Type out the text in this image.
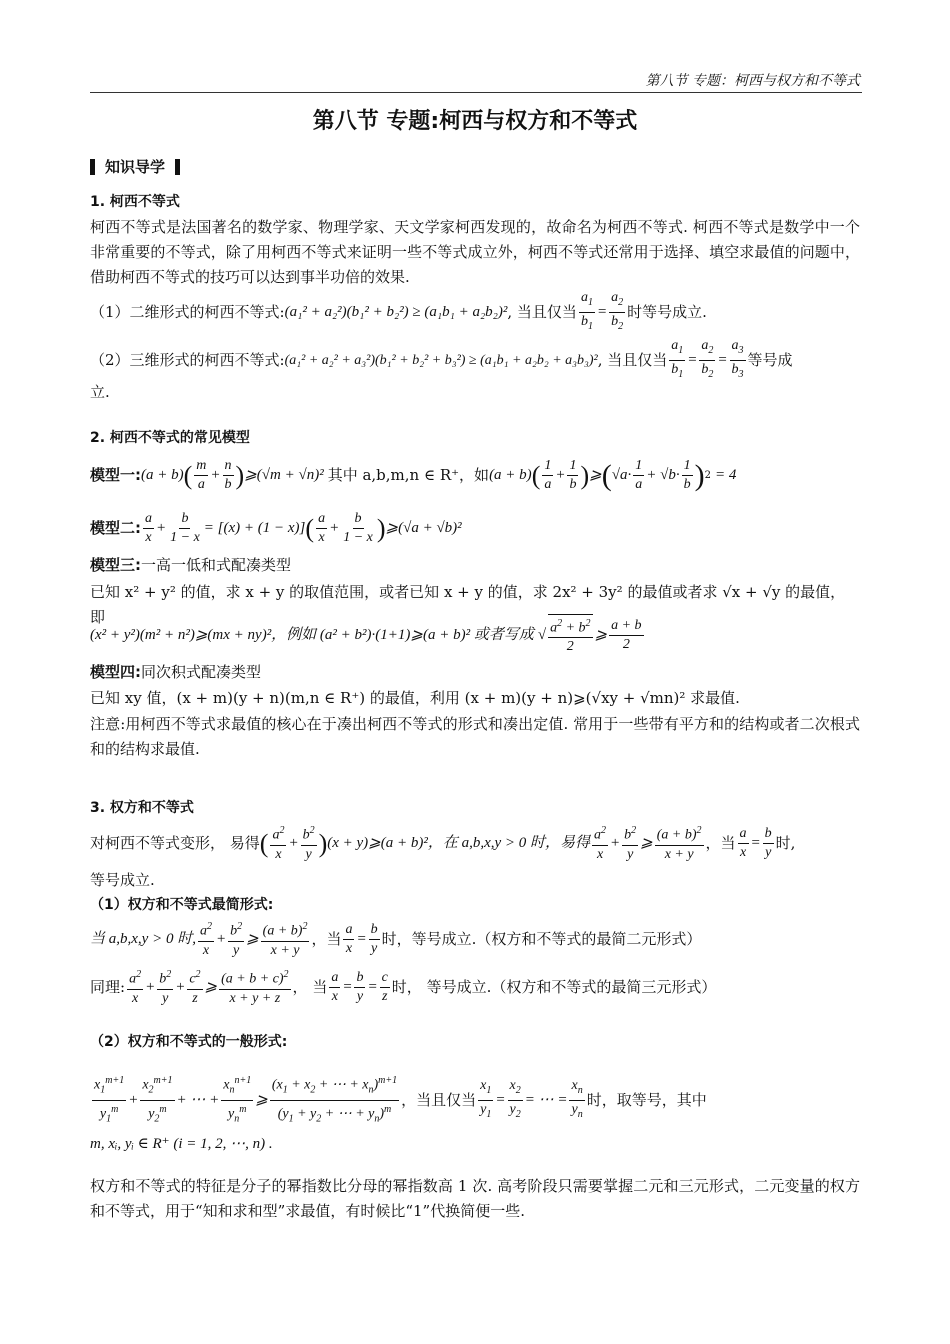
第八节 专题：柯西与权方和不等式
第八节 专题:柯西与权方和不等式
知识导学
1. 柯西不等式
柯西不等式是法国著名的数学家、物理学家、天文学家柯西发现的，故命名为柯西不等式. 柯西不等式是数学中一个非常重要的不等式，除了用柯西不等式来证明一些不等式成立外，柯西不等式还常用于选择、填空求最值的问题中，借助柯西不等式的技巧可以达到事半功倍的效果.
（1）二维形式的柯西不等式: (a₁² + a₂²)(b₁² + b₂²) ≥ (a₁b₁ + a₂b₂)² , 当且仅当 $\frac{a_1}{b_1} = \frac{a_2}{b_2}$ 时等号成立.
（2）三维形式的柯西不等式: (a₁² + a₂² + a₃²)(b₁² + b₂² + b₃²) ≥ (a₁b₁ + a₂b₂ + a₃b₃)² , 当且仅当 $\frac{a_1}{b_1} = \frac{a_2}{b_2} = \frac{a_3}{b_3}$ 等号成
立.
2. 柯西不等式的常见模型
模型一: (a + b) ( $\frac{m}{a} + \frac{n}{b}$ ) ⩾(√m + √n)² 其中 a,b,m,n ∈ R⁺，如 (a + b) ( $\frac{1}{a} + \frac{1}{b}$ ) ⩾ ( $√a\cdot \frac{1}{a} + √b\cdot \frac{1}{b}$ ) 2 = 4
模型二: $\frac{a}{x} + \frac{b}{1 - x} = [(x) + (1 - x)]$ ( $\frac{a}{x} + \frac{b}{1 - x}$ ) ⩾(√a + √b)²
模型三:一高一低和式配凑类型
已知 x² + y² 的值，求 x + y 的取值范围，或者已知 x + y 的值，求 2x² + 3y² 的最值或者求 √x + √y 的最值， 即
(x² + y²)(m² + n²)⩾(mx + ny)²，例如 (a² + b²)·(1+1)⩾(a + b)² 或者写成 √ $\frac{a^2 + b^2}{2}$ ⩾ $\frac{a + b}{2}$
模型四:同次积式配凑类型
已知 xy 值，(x + m)(y + n)(m,n ∈ R⁺) 的最值，利用 (x + m)(y + n)⩾(√xy + √mn)² 求最值.
注意:用柯西不等式求最值的核心在于凑出柯西不等式的形式和凑出定值. 常用于一些带有平方和的结构或者二次根式和的结构求最值.
3. 权方和不等式
对柯西不等式变形， 易得 ( $\frac{a^2}{x} + \frac{b^2}{y}$ ) (x + y)⩾(a + b)²，在 a,b,x,y > 0 时，易得 $\frac{a^2}{x} + \frac{b^2}{y}$ ⩾ $\frac{(a + b)^2}{x + y}$ ，当 $\frac{a}{x} = \frac{b}{y}$ 时,
等号成立.
（1）权方和不等式最简形式:
当 a,b,x,y > 0 时, $\frac{a^2}{x} + \frac{b^2}{y}$ ⩾ $\frac{(a + b)^2}{x + y}$ ，当 $\frac{a}{x} = \frac{b}{y}$ 时，等号成立.（权方和不等式的最简二元形式）
同理: $\frac{a^2}{x} + \frac{b^2}{y} + \frac{c^2}{z}$ ⩾ $\frac{(a + b + c)^2}{x + y + z}$ ， 当 $\frac{a}{x} = \frac{b}{y} = \frac{c}{z}$ 时， 等号成立.（权方和不等式的最简三元形式）
（2）权方和不等式的一般形式:
$\frac{x_1^{m+1}}{y_1^m} + \frac{x_2^{m+1}}{y_2^m}$ + ⋯ + $\frac{x_n^{n+1}}{y_n^m}$ ⩾ $\frac{(x_1 + x_2 + \cdots + x_n)^{m+1}}{(y_1 + y_2 + \cdots + y_n)^m}$ ，当且仅当 $\frac{x_1}{y_1} = \frac{x_2}{y_2}$ = ⋯ = $\frac{x_n}{y_n}$ 时，取等号，其中
m, xᵢ, yᵢ ∈ R⁺ (i = 1, 2, ⋯, n) .
权方和不等式的特征是分子的幂指数比分母的幂指数高 1 次. 高考阶段只需要掌握二元和三元形式，二元变量的权方和不等式，用于“知和求和型”求最值，有时候比“1”代换简便一些.
